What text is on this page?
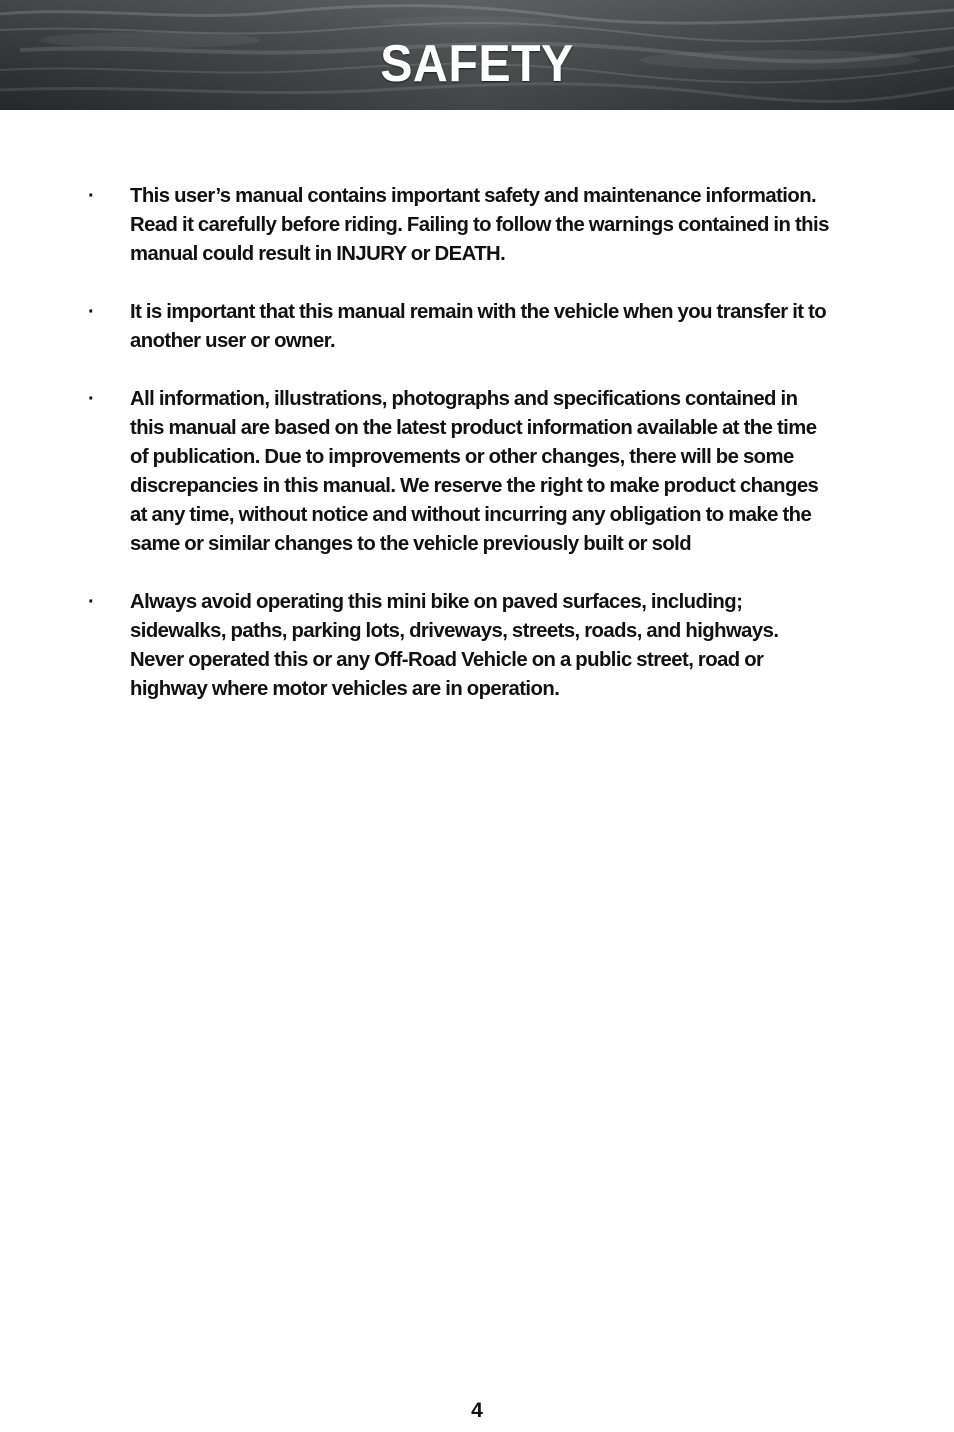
SAFETY
· This user’s manual contains important safety and maintenance information.
Read it carefully before riding. Failing to follow the warnings contained in this
manual could result in INJURY or DEATH.
· It is important that this manual remain with the vehicle when you transfer it to
another user or owner.
· All information, illustrations, photographs and specifications contained in
this manual are based on the latest product information available at the time
of publication. Due to improvements or other changes, there will be some
discrepancies in this manual. We reserve the right to make product changes
at any time, without notice and without incurring any obligation to make the
same or similar changes to the vehicle previously built or sold
· Always avoid operating this mini bike on paved surfaces, including;
sidewalks, paths, parking lots, driveways, streets, roads, and highways.
Never operated this or any Off-Road Vehicle on a public street, road or
highway where motor vehicles are in operation.
4
